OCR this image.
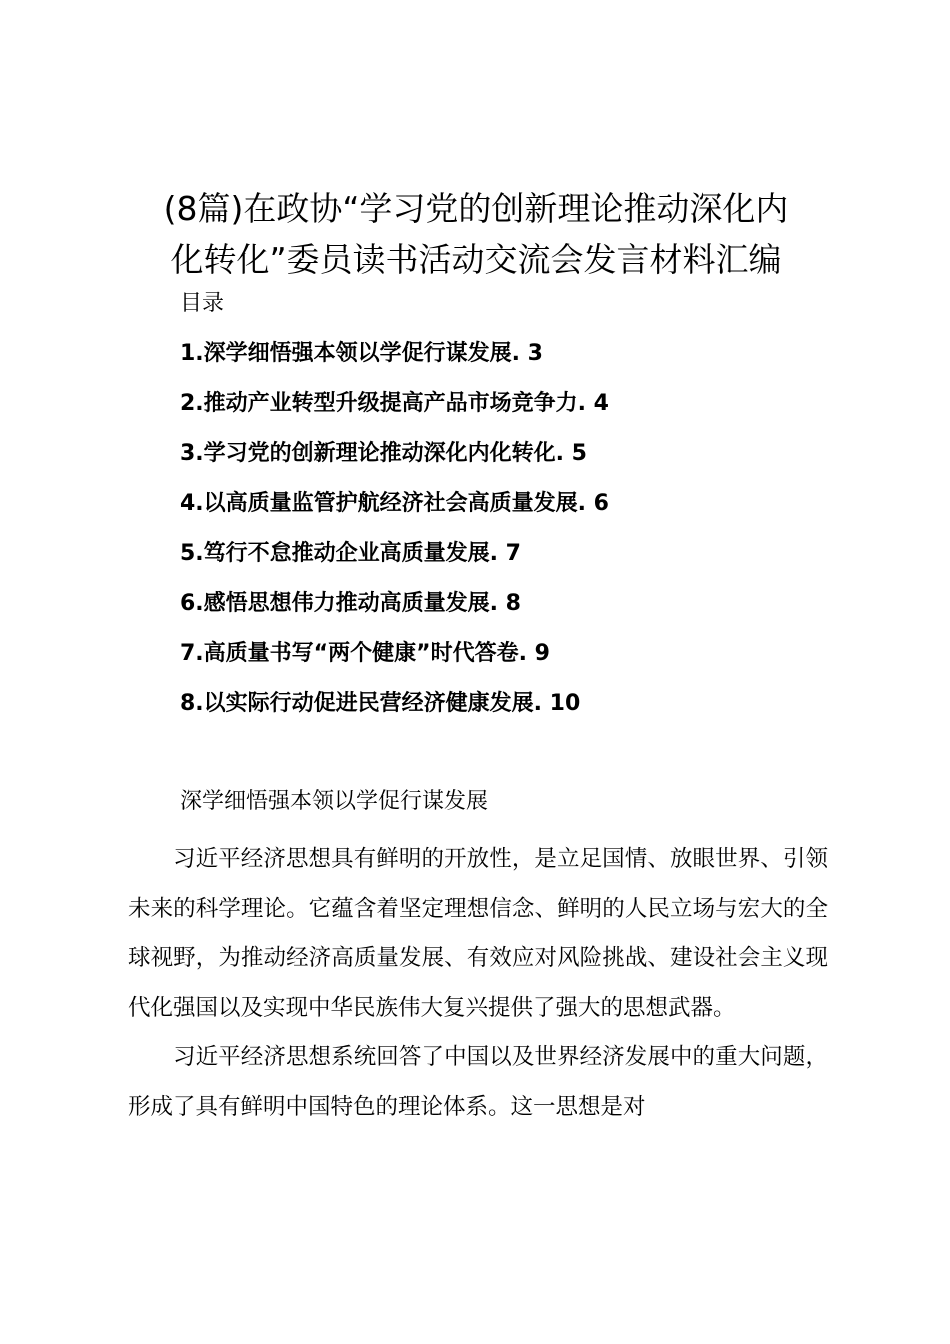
(8篇)在政协“学习党的创新理论推动深化内
化转化”委员读书活动交流会发言材料汇编
目录
1.深学细悟强本领以学促行谋发展. 3
2.推动产业转型升级提高产品市场竞争力. 4
3.学习党的创新理论推动深化内化转化. 5
4.以高质量监管护航经济社会高质量发展. 6
5.笃行不怠推动企业高质量发展. 7
6.感悟思想伟力推动高质量发展. 8
7.高质量书写“两个健康”时代答卷. 9
8.以实际行动促进民营经济健康发展. 10
深学细悟强本领以学促行谋发展

习近平经济思想具有鲜明的开放性，是立足国情、放眼世界、引领未来的科学理论。它蕴含着坚定理想信念、鲜明的人民立场与宏大的全球视野，为推动经济高质量发展、有效应对风险挑战、建设社会主义现代化强国以及实现中华民族伟大复兴提供了强大的思想武器。

习近平经济思想系统回答了中国以及世界经济发展中的重大问题，形成了具有鲜明中国特色的理论体系。这一思想是对
